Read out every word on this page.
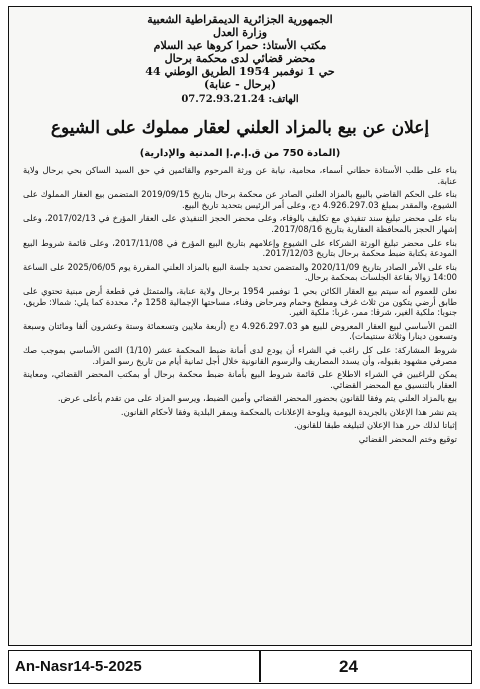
الجمهورية الجزائرية الديمقراطية الشعبية
وزارة العدل
مكتب الأستاذ: حمرا كروها عبد السلام
محضر قضائي لدى محكمة برحال
حي 1 نوفمبر 1954 الطريق الوطني 44
(برحال - عنابة)
الهاتف: 07.72.93.21.24
إعلان عن بيع بالمزاد العلني لعقار مملوك على الشيوع
(المادة 750 من ق.إ.م.إ المدنية والإدارية)

بناء على طلب الأستاذة حطاني أسماء، محامية، نيابة عن ورثة المرحوم والقائمين في حق السيد الساكن بحي برحال ولاية عنابة.

بناء على الحكم القاضي بالبيع بالمزاد العلني الصادر عن محكمة برحال بتاريخ 2019/09/15 المتضمن بيع العقار المملوك على الشيوع، والمقدر بمبلغ 4.926.297.03 دج، وعلى أمر الرئيس بتحديد تاريخ البيع.

بناء على محضر تبليغ سند تنفيذي مع تكليف بالوفاء، وعلى محضر الحجز التنفيذي على العقار المؤرخ في 2017/02/13، وعلى إشهار الحجز بالمحافظة العقارية بتاريخ 2017/08/16.

بناء على محضر تبليغ الورثة الشركاء على الشيوع وإعلامهم بتاريخ البيع المؤرخ في 2017/11/08، وعلى قائمة شروط البيع المودعة بكتابة ضبط محكمة برحال بتاريخ 2017/12/03.

بناء على الأمر الصادر بتاريخ 2020/11/09 والمتضمن تحديد جلسة البيع بالمزاد العلني المقررة يوم 2025/06/05 على الساعة 14:00 زوالا بقاعة الجلسات بمحكمة برحال.

نعلن للعموم أنه سيتم بيع العقار الكائن بحي 1 نوفمبر 1954 برحال ولاية عنابة، والمتمثل في قطعة أرض مبنية تحتوي على طابق أرضي يتكون من ثلاث غرف ومطبخ وحمام ومرحاض وفناء، مساحتها الإجمالية 1258 م²، محددة كما يلي: شمالا: طريق، جنوبا: ملكية الغير، شرقا: ممر، غربا: ملكية الغير.

الثمن الأساسي لبيع العقار المعروض للبيع هو 4.926.297.03 دج (أربعة ملايين وتسعمائة وستة وعشرون ألفا ومائتان وسبعة وتسعون دينارا وثلاثة سنتيمات).

شروط المشاركة: على كل راغب في الشراء أن يودع لدى أمانة ضبط المحكمة عشر (1/10) الثمن الأساسي بموجب صك مصرفي مشهود بقبوله، وأن يسدد المصاريف والرسوم القانونية خلال أجل ثمانية أيام من تاريخ رسو المزاد.

يمكن للراغبين في الشراء الاطلاع على قائمة شروط البيع بأمانة ضبط محكمة برحال أو بمكتب المحضر القضائي، ومعاينة العقار بالتنسيق مع المحضر القضائي.

بيع بالمزاد العلني يتم وفقا للقانون بحضور المحضر القضائي وأمين الضبط، ويرسو المزاد على من تقدم بأعلى عرض.

يتم نشر هذا الإعلان بالجريدة اليومية وبلوحة الإعلانات بالمحكمة وبمقر البلدية وفقا لأحكام القانون.

إثباتا لذلك حرر هذا الإعلان لتبليغه طبقا للقانون.

توقيع وختم المحضر القضائي

An-Nasr14-5-2025	24
